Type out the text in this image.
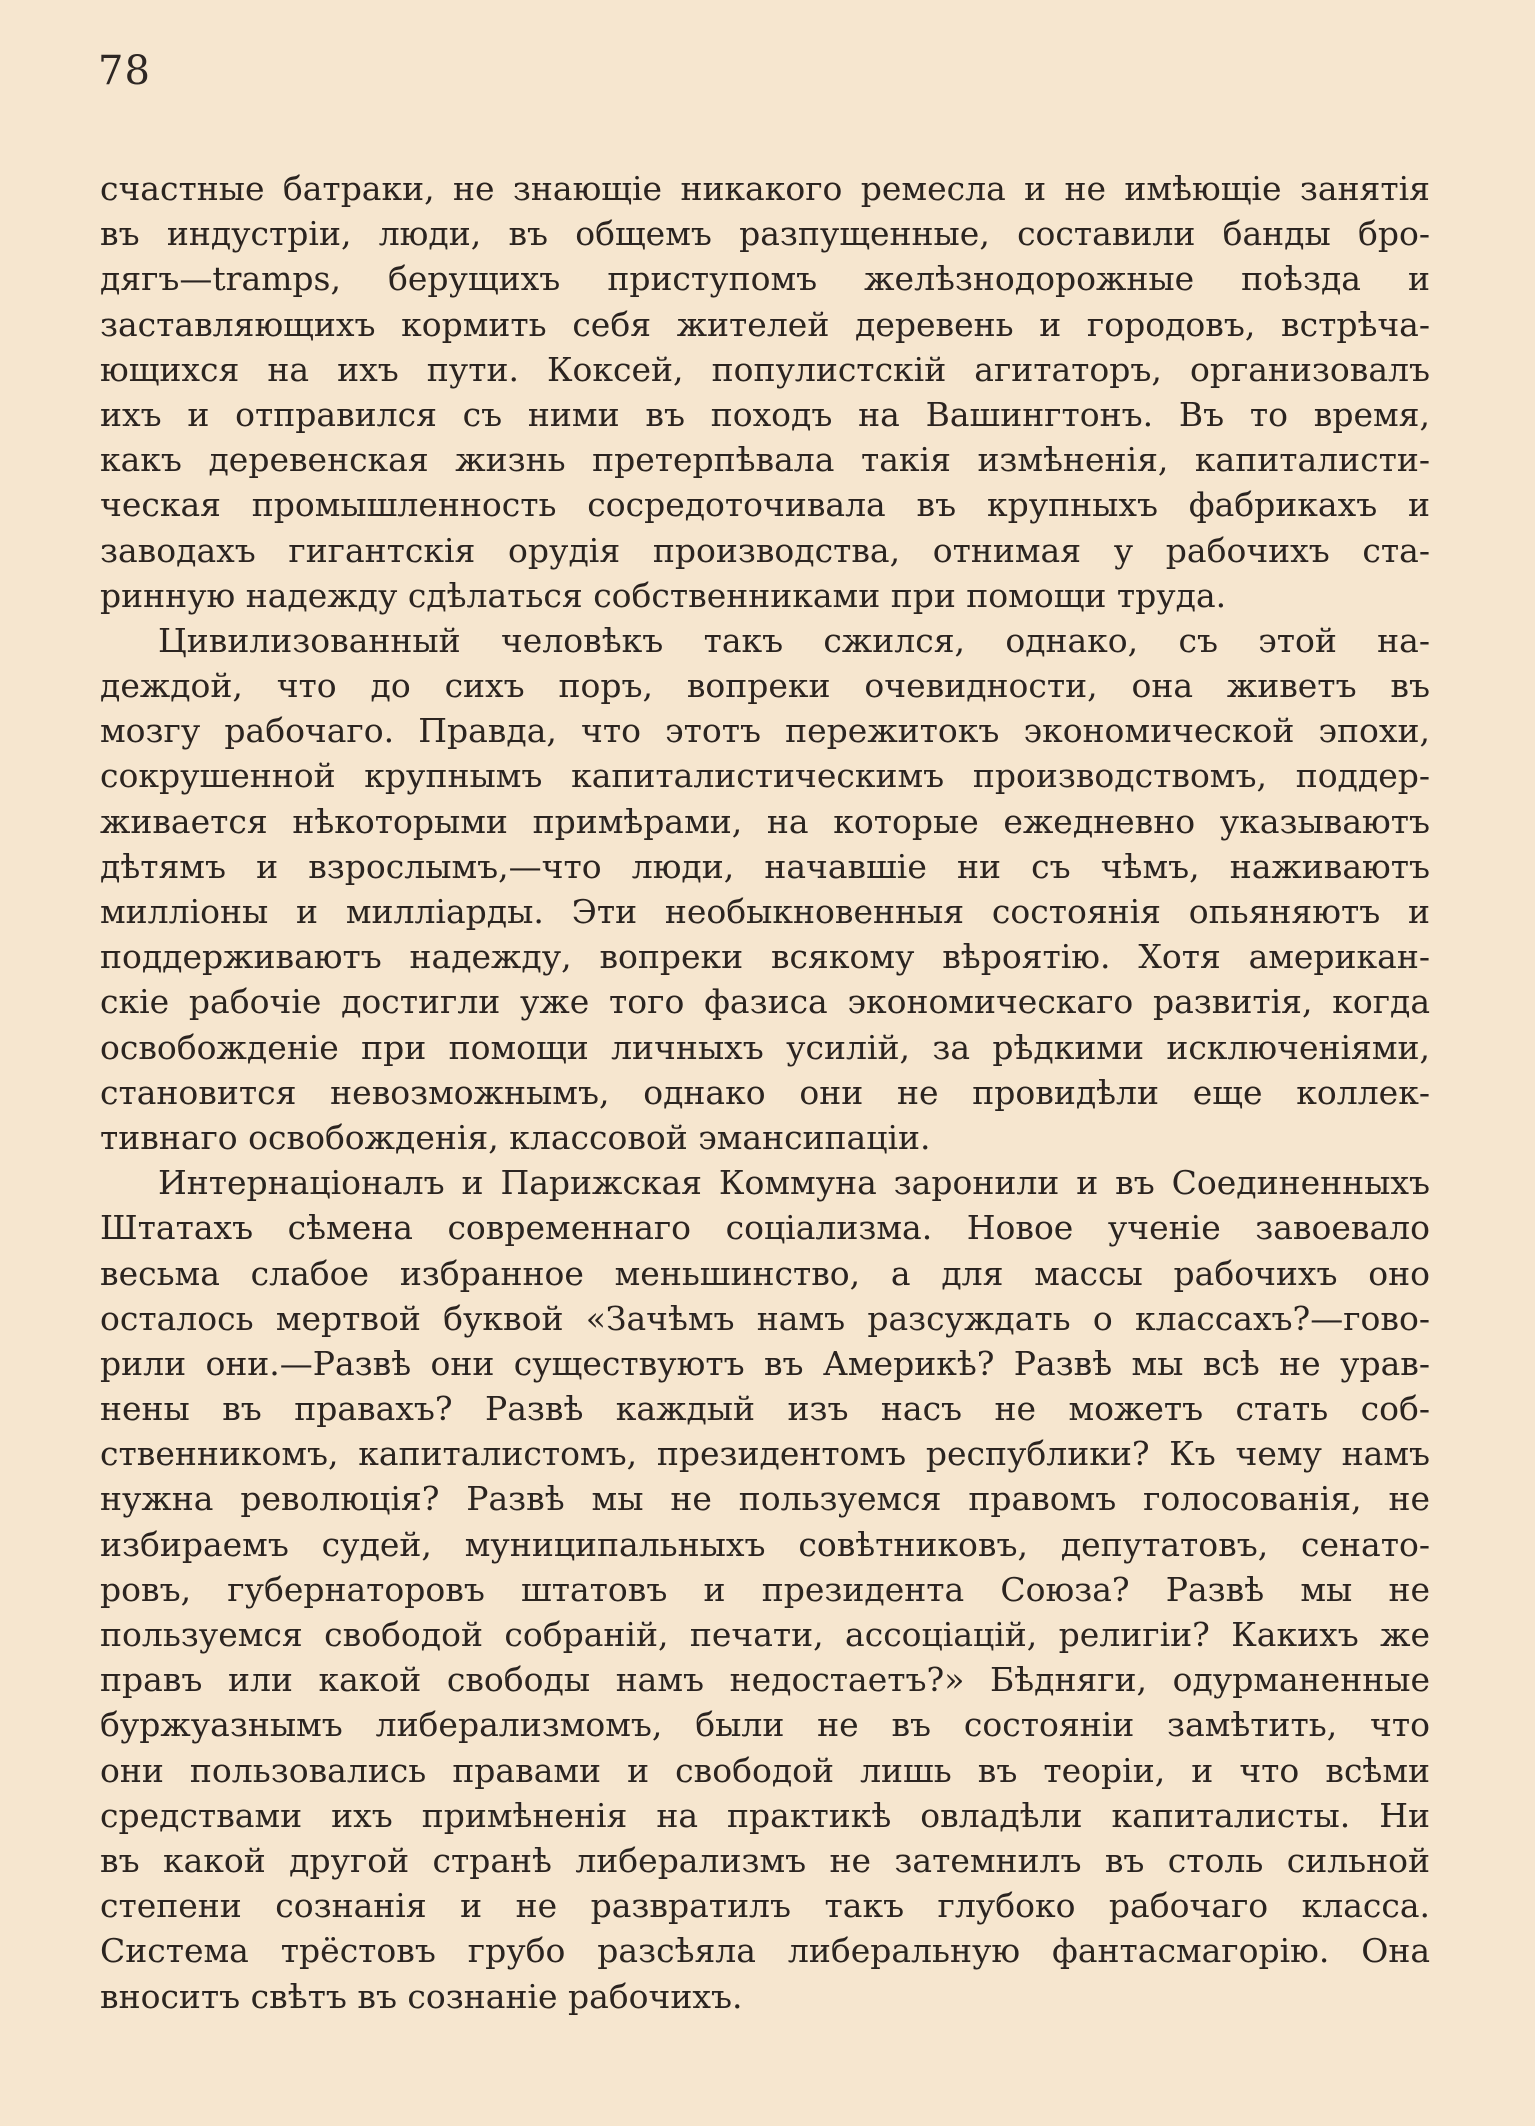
78
счастные батраки, не знающіе никакого ремесла и не имѣющіе занятія
въ индустріи, люди, въ общемъ разпущенные, составили банды бро-
дягъ—tramps, берущихъ приступомъ желѣзнодорожные поѣзда и
заставляющихъ кормить себя жителей деревень и городовъ, встрѣча-
ющихся на ихъ пути. Коксей, популистскій агитаторъ, организовалъ
ихъ и отправился съ ними въ походъ на Вашингтонъ. Въ то время,
какъ деревенская жизнь претерпѣвала такія измѣненія, капиталисти-
ческая промышленность сосредоточивала въ крупныхъ фабрикахъ и
заводахъ гигантскія орудія производства, отнимая у рабочихъ ста-
ринную надежду сдѣлаться собственниками при помощи труда.
Цивилизованный человѣкъ такъ сжился, однако, съ этой на-
деждой, что до сихъ поръ, вопреки очевидности, она живетъ въ
мозгу рабочаго. Правда, что этотъ пережитокъ экономической эпохи,
сокрушенной крупнымъ капиталистическимъ производствомъ, поддер-
живается нѣкоторыми примѣрами, на которые ежедневно указываютъ
дѣтямъ и взрослымъ,—что люди, начавшіе ни съ чѣмъ, наживаютъ
милліоны и милліарды. Эти необыкновенныя состоянія опьяняютъ и
поддерживаютъ надежду, вопреки всякому вѣроятію. Хотя американ-
скіе рабочіе достигли уже того фазиса экономическаго развитія, когда
освобожденіе при помощи личныхъ усилій, за рѣдкими исключеніями,
становится невозможнымъ, однако они не провидѣли еще коллек-
тивнаго освобожденія, классовой эмансипаціи.
Интернаціоналъ и Парижская Коммуна заронили и въ Соединенныхъ
Штатахъ сѣмена современнаго соціализма. Новое ученіе завоевало
весьма слабое избранное меньшинство, а для массы рабочихъ оно
осталось мертвой буквой «Зачѣмъ намъ разсуждать о классахъ?—гово-
рили они.—Развѣ они существуютъ въ Америкѣ? Развѣ мы всѣ не урав-
нены въ правахъ? Развѣ каждый изъ насъ не можетъ стать соб-
ственникомъ, капиталистомъ, президентомъ республики? Къ чему намъ
нужна революція? Развѣ мы не пользуемся правомъ голосованія, не
избираемъ судей, муниципальныхъ совѣтниковъ, депутатовъ, сенато-
ровъ, губернаторовъ штатовъ и президента Союза? Развѣ мы не
пользуемся свободой собраній, печати, ассоціацій, религіи? Какихъ же
правъ или какой свободы намъ недостаетъ?» Бѣдняги, одурманенные
буржуазнымъ либерализмомъ, были не въ состояніи замѣтить, что
они пользовались правами и свободой лишь въ теоріи, и что всѣми
средствами ихъ примѣненія на практикѣ овладѣли капиталисты. Ни
въ какой другой странѣ либерализмъ не затемнилъ въ столь сильной
степени сознанія и не развратилъ такъ глубоко рабочаго класса.
Система трёстовъ грубо разсѣяла либеральную фантасмагорію. Она
вноситъ свѣтъ въ сознаніе рабочихъ.
